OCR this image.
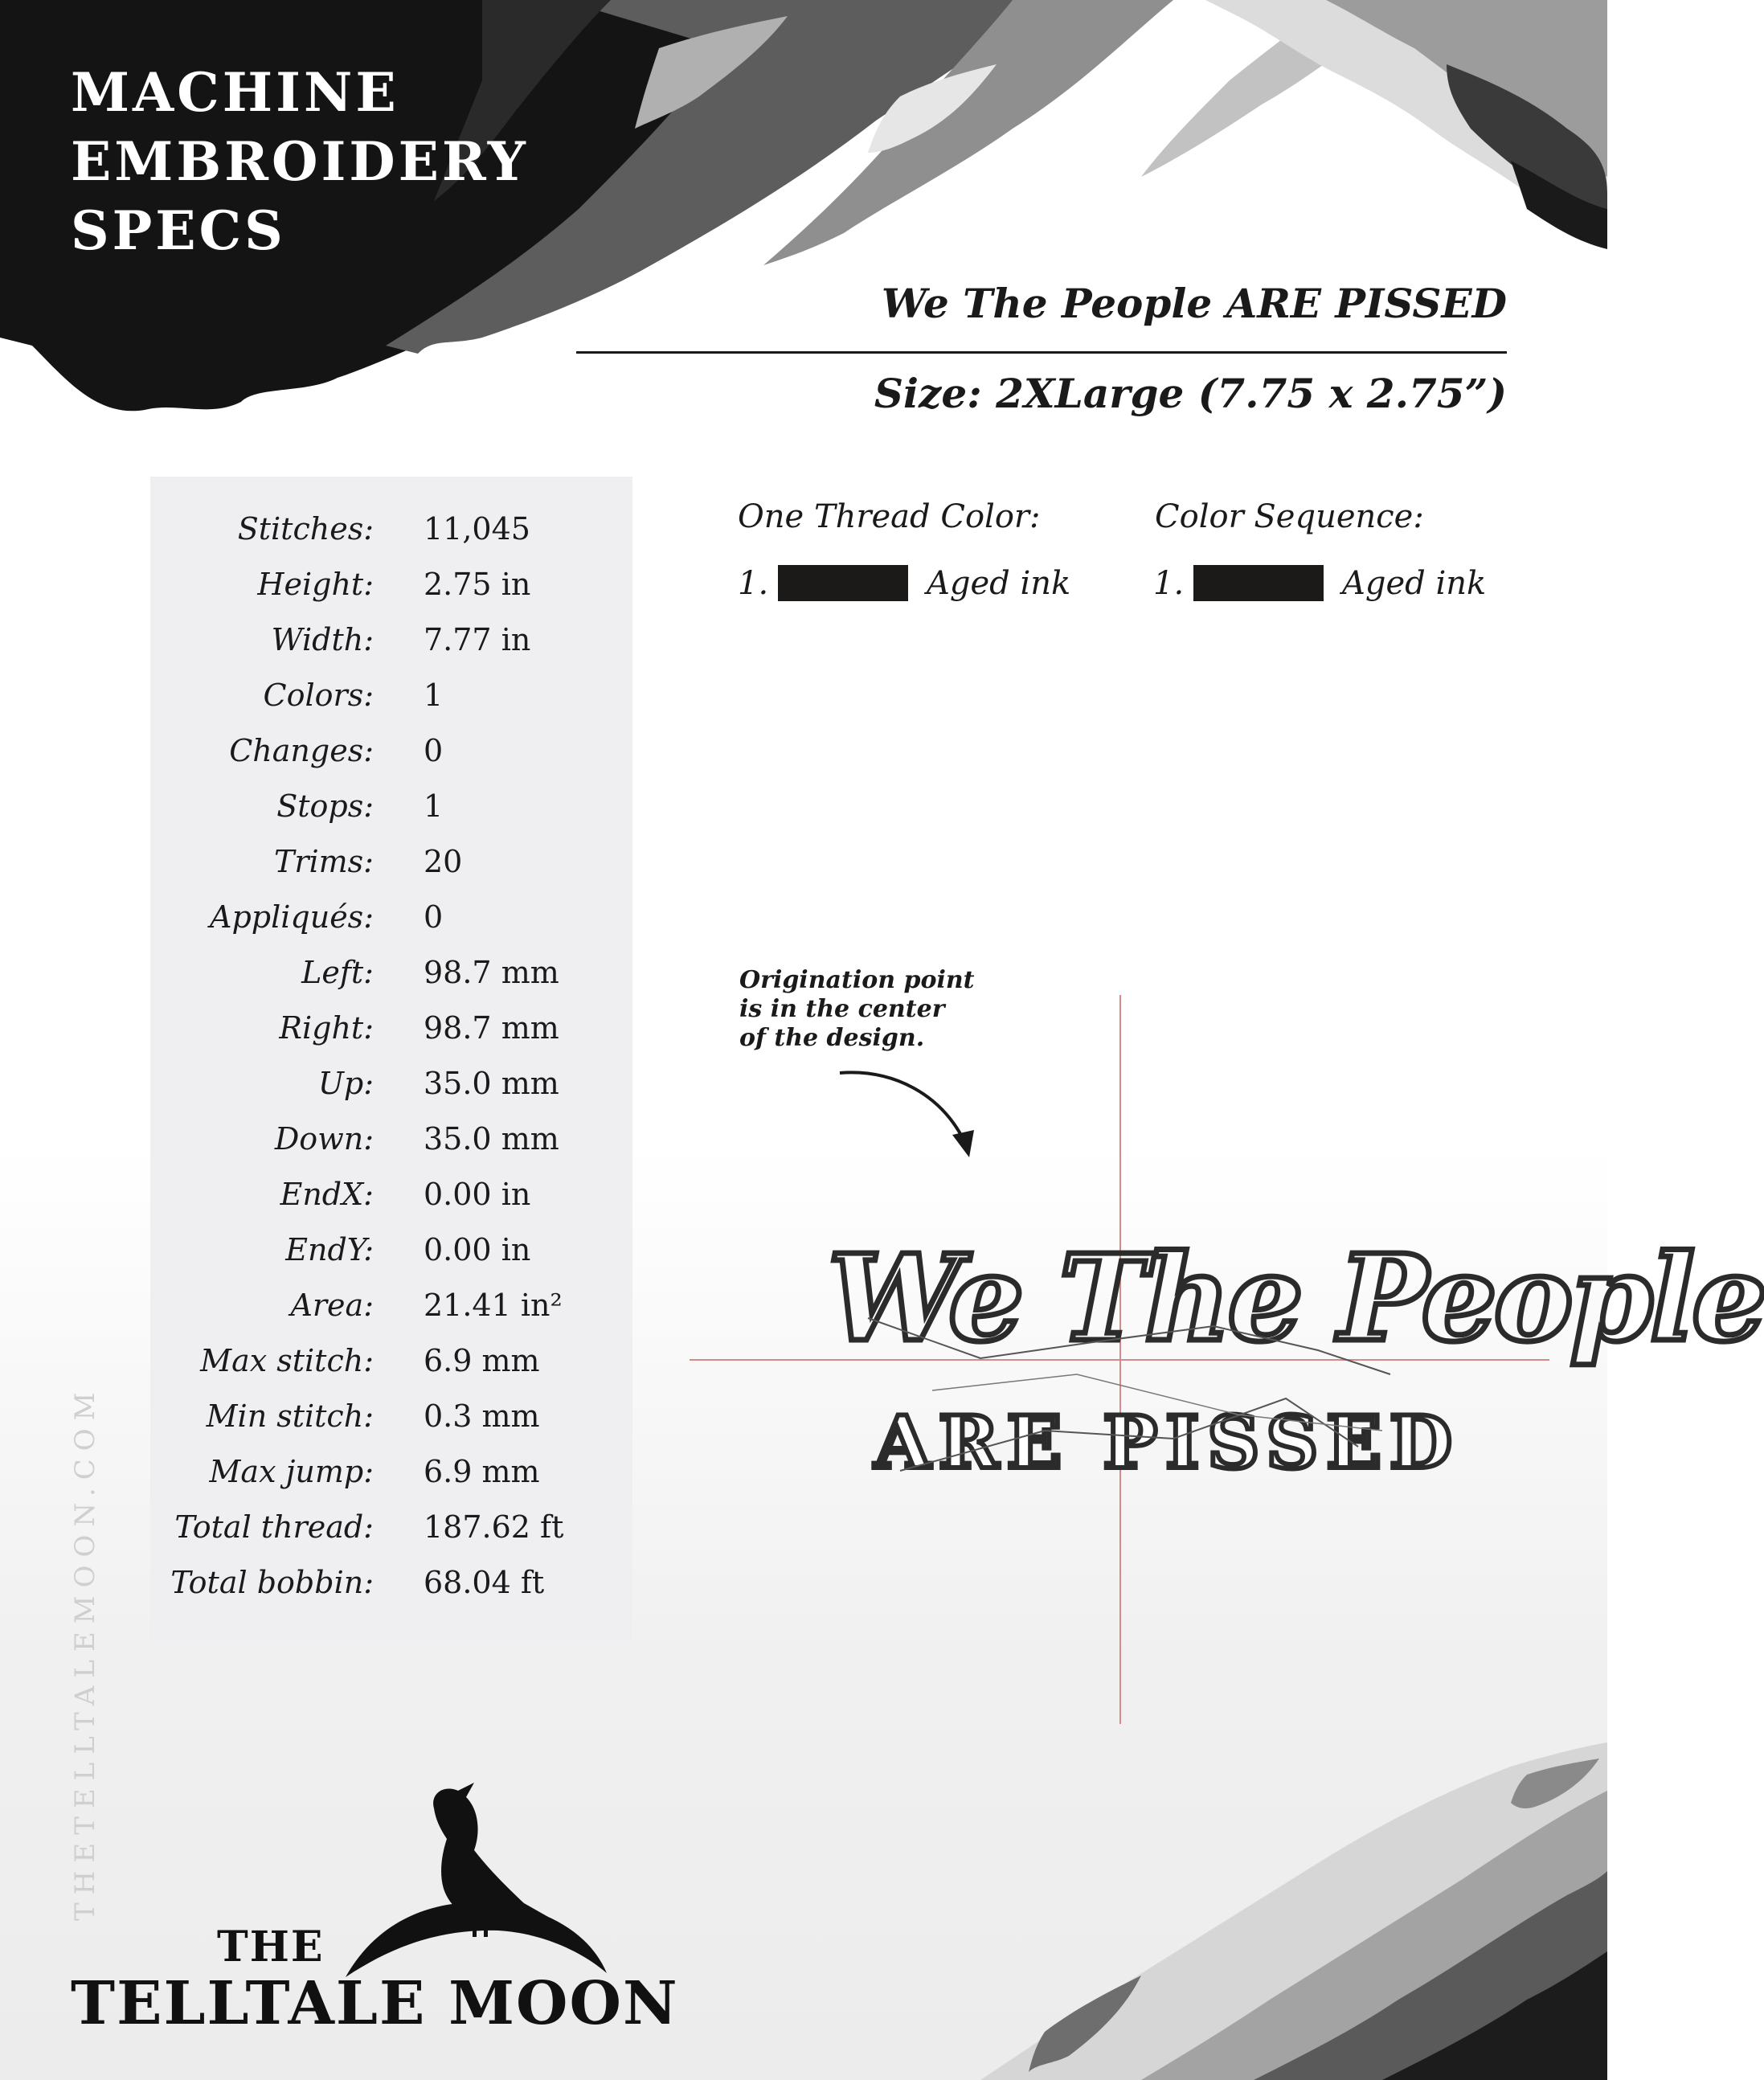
MACHINE
EMBROIDERY
SPECS
We The People ARE PISSED
Size: 2XLarge (7.75 x 2.75”)
Stitches: 11,045
Height: 2.75 in
Width: 7.77 in
Colors: 1
Changes: 0
Stops: 1
Trims: 20
Appliqués: 0
Left: 98.7 mm
Right: 98.7 mm
Up: 35.0 mm
Down: 35.0 mm
EndX: 0.00 in
EndY: 0.00 in
Area: 21.41 in²
Max stitch: 6.9 mm
Min stitch: 0.3 mm
Max jump: 6.9 mm
Total thread: 187.62 ft
Total bobbin: 68.04 ft
One Thread Color:	Color Sequence:
1.	Aged ink	1.	Aged ink
Origination point
is in the center
of the design.
We The People
ARE PISSED
THETELLTALEMOON.COM
THE
TELLTALE MOON
